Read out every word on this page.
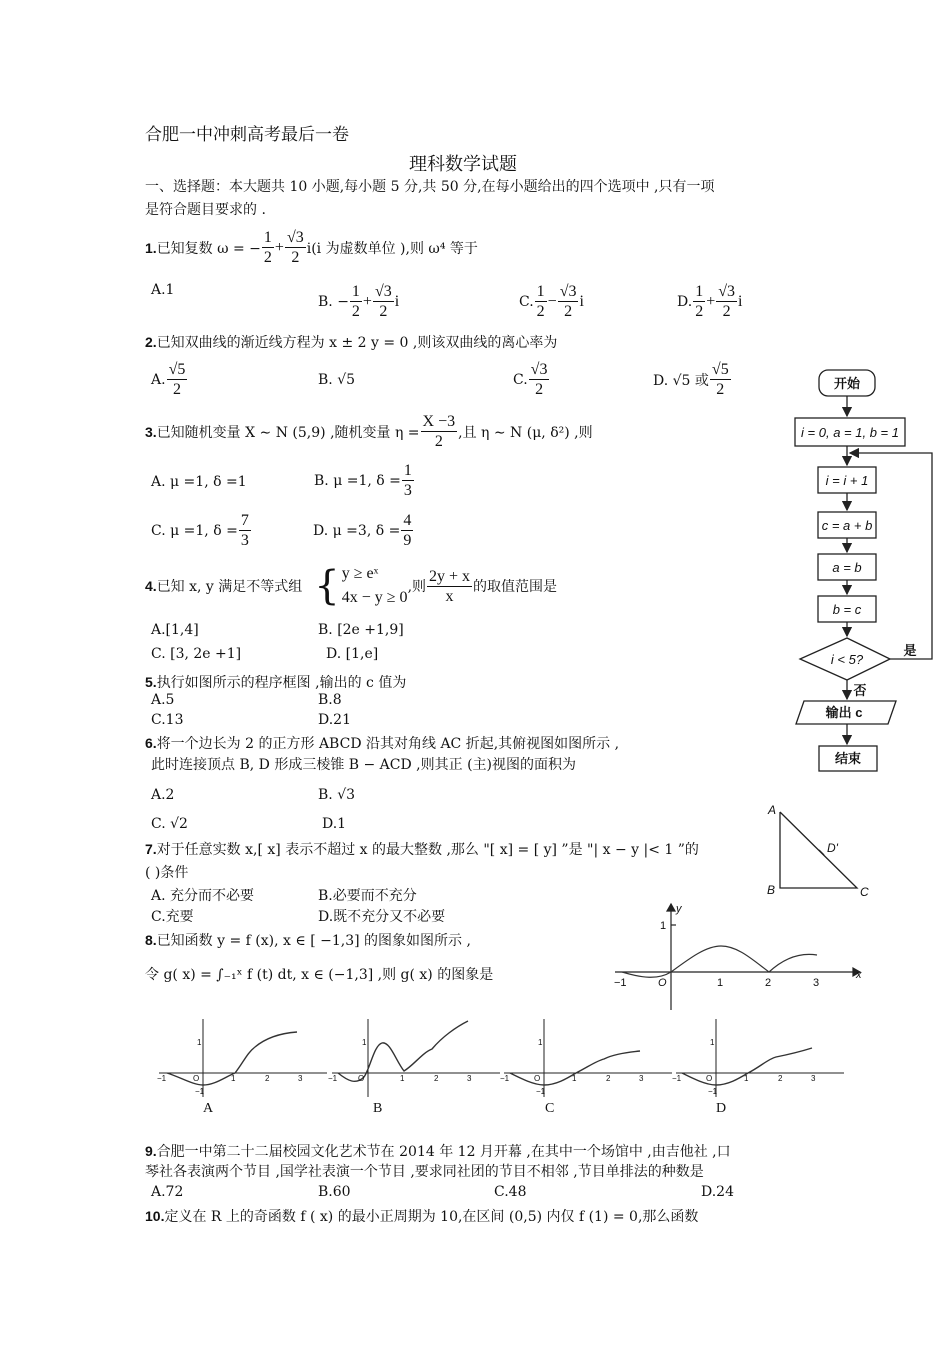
合肥一中冲刺高考最后一卷
理科数学试题
一、选择题：本大题共 10 小题,每小题 5 分,共 50 分,在每小题给出的四个选项中 ,只有一项
是符合题目要求的 .
1. 已知复数 ω = − $\frac{1}{2} + \frac{√3}{2} i(i$ 为虚数单位 ),则 ω⁴ 等于
A.1
B. − $\frac{1}{2} + \frac{√3}{2}$ i	C. $\frac{1}{2} - \frac{√3}{2}$ i	D. $\frac{1}{2} + \frac{√3}{2}$ i
2.已知双曲线的渐近线方程为 x ± 2 y = 0 ,则该双曲线的离心率为
A. $\frac{√5}{2}$	B. √5	C. $\frac{√3}{2}$	D. √5 或 $\frac{√5}{2}$
3. 已知随机变量 X ∼ N (5,9) ,随机变量 $\eta = \frac{X -3}{2}$ ,且 η ∼ N (μ, δ²) ,则
A. μ =1, δ =1	B. μ =1, $\delta = \frac{1}{3}$
C. μ =1, $\delta = \frac{7}{3}$	D. μ =3, $\delta = \frac{4}{9}$
4. 已知 x, y 满足不等式组 { y ≥ eˣ
4x − y ≥ 0
,则 $\frac{2y + x}{x}$ 的取值范围是
A.[1,4]	B. [2e +1,9]
C. [3, 2e +1]	D. [1,e]
5.执行如图所示的程序框图 ,输出的 c 值为
A.5	B.8
C.13	D.21
6.将一个边长为 2 的正方形 ABCD 沿其对角线 AC 折起,其俯视图如图所示 ,
此时连接顶点 B, D 形成三棱锥 B − ACD ,则其正 (主)视图的面积为
A.2	B. √3
C. √2	D.1
7.对于任意实数 x,[ x] 表示不超过 x 的最大整数 ,那么 "[ x] = [ y] ”是 "| x − y |< 1 ”的
( )条件
A. 充分而不必要	B.必要而不充分
C.充要	D.既不充分又不必要
8.已知函数 y = f (x), x ∈ [ −1,3] 的图象如图所示 ,
令 g( x) = ∫₋₁ˣ f (t) dt, x ∈ (−1,3] ,则 g( x) 的图象是
9.合肥一中第二十二届校园文化艺术节在 2014 年 12 月开幕 ,在其中一个场馆中 ,由吉他社 ,口
琴社各表演两个节目 ,国学社表演一个节目 ,要求同社团的节目不相邻 ,节目单排法的种数是
A.72	B.60	C.48	D.24
10.定义在 R 上的奇函数 f ( x) 的最小正周期为 10,在区间 (0,5) 内仅 f (1) = 0,那么函数
开始
i = 0, a = 1, b = 1
i = i + 1
c = a + b
a = b
b = c
i < 5?
是
否
输出 c
结束
A
B	C
D'
y
x
−1	O	1	2	3
1
−1	O	1	2	3
1
−1
A
−1	O	1	2	3
1
B
−1	O	1	2	3
1
−1
C
−1	O	1	2	3
1
−1
D
